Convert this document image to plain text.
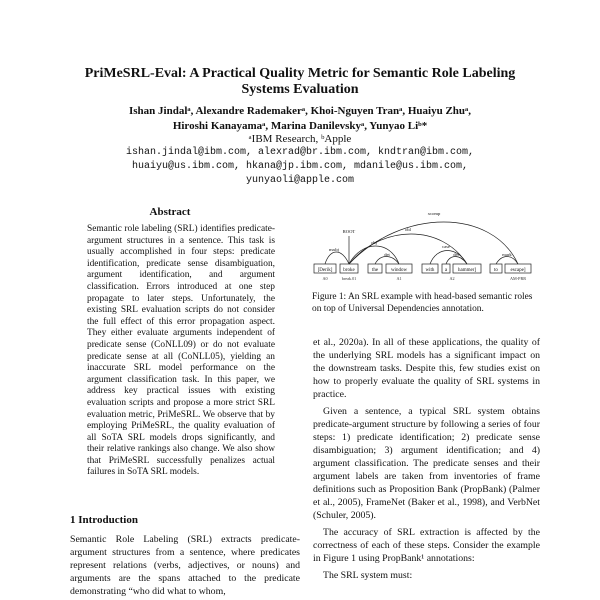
PriMeSRL-Eval: A Practical Quality Metric for Semantic Role Labeling
Systems Evaluation
Ishan Jindalᵃ, Alexandre Rademakerᵃ, Khoi-Nguyen Tranᵃ, Huaiyu Zhuᵃ,
Hiroshi Kanayamaᵃ, Marina Danilevskyᵃ, Yunyao Liᵇ*
ᵃIBM Research, ᵇApple
ishan.jindal@ibm.com, alexrad@br.ibm.com, kndtran@ibm.com,
huaiyu@us.ibm.com, hkana@jp.ibm.com, mdanile@us.ibm.com,
yunyaoli@apple.com
Abstract
Semantic role labeling (SRL) identifies predicate-argument structures in a sentence. This task is usually accomplished in four steps: predicate identification, predicate sense disambiguation, argument identification, and argument classification. Errors introduced at one step propagate to later steps. Unfortunately, the existing SRL evaluation scripts do not consider the full effect of this error propagation aspect. They either evaluate arguments independent of predicate sense (CoNLL09) or do not evaluate predicate sense at all (CoNLL05), yielding an inaccurate SRL model performance on the argument classification task. In this paper, we address key practical issues with existing evaluation scripts and propose a more strict SRL evaluation metric, PriMeSRL. We observe that by employing PriMeSRL, the quality evaluation of all SoTA SRL models drops significantly, and their relative rankings also change. We also show that PriMeSRL successfully penalizes actual failures in SoTA SRL models.
1 Introduction
Semantic Role Labeling (SRL) extracts predicate-argument structures from a sentence, where predicates represent relations (verbs, adjectives, or nouns) and arguments are the spans attached to the predicate demonstrating “who did what to whom,
nsubj
obj
det
obl
det
case
mark
xcomp
ROOT
[Derik] broke	the	window	with a hammer]	to	escape]
A0	break.01	A1	A2	AM-PRR
Figure 1: An SRL example with head-based semantic roles on top of Universal Dependencies annotation.

et al., 2020a). In all of these applications, the quality of the underlying SRL models has a significant impact on the downstream tasks. Despite this, few studies exist on how to properly evaluate the quality of SRL systems in practice.

Given a sentence, a typical SRL system obtains predicate-argument structure by following a series of four steps: 1) predicate identification; 2) predicate sense disambiguation; 3) argument identification; and 4) argument classification. The predicate senses and their argument labels are taken from inventories of frame definitions such as Proposition Bank (PropBank) (Palmer et al., 2005), FrameNet (Baker et al., 1998), and VerbNet (Schuler, 2005).

The accuracy of SRL extraction is affected by the correctness of each of these steps. Consider the example in Figure 1 using PropBank¹ annotations:

The SRL system must:
